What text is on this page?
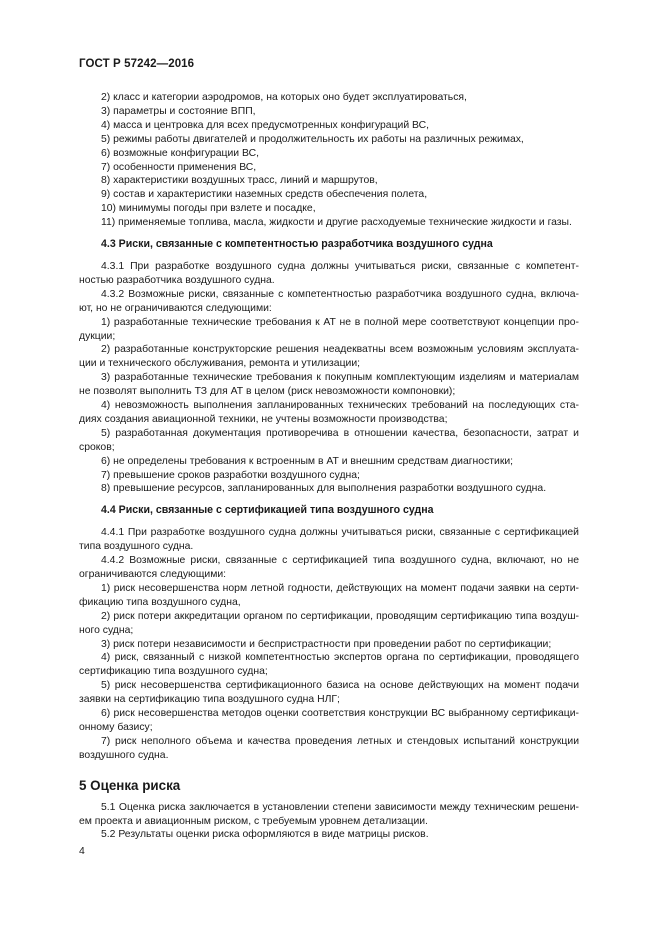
ГОСТ Р 57242—2016

2) класс и категории аэродромов, на которых оно будет эксплуатироваться,

3) параметры и состояние ВПП,

4) масса и центровка для всех предусмотренных конфигураций ВС,

5) режимы работы двигателей и продолжительность их работы на различных режимах,

6) возможные конфигурации ВС,

7) особенности применения ВС,

8) характеристики воздушных трасс, линий и маршрутов,

9) состав и характеристики наземных средств обеспечения полета,

10) минимумы погоды при взлете и посадке,

11) применяемые топлива, масла, жидкости и другие расходуемые технические жидкости и газы.

4.3 Риски, связанные с компетентностью разработчика воздушного судна

4.3.1 При разработке воздушного судна должны учитываться риски, связанные с компетент-

ностью разработчика воздушного судна.

4.3.2 Возможные риски, связанные с компетентностью разработчика воздушного судна, включа-

ют, но не ограничиваются следующими:

1) разработанные технические требования к АТ не в полной мере соответствуют концепции про-

дукции;

2) разработанные конструкторские решения неадекватны всем возможным условиям эксплуата-

ции и технического обслуживания, ремонта и утилизации;

3) разработанные технические требования к покупным комплектующим изделиям и материалам

не позволят выполнить ТЗ для АТ в целом (риск невозможности компоновки);

4) невозможность выполнения запланированных технических требований на последующих ста-

диях создания авиационной техники, не учтены возможности производства;

5) разработанная документация противоречива в отношении качества, безопасности, затрат и

сроков;

6) не определены требования к встроенным в АТ и внешним средствам диагностики;

7) превышение сроков разработки воздушного судна;

8) превышение ресурсов, запланированных для выполнения разработки воздушного судна.

4.4 Риски, связанные с сертификацией типа воздушного судна

4.4.1 При разработке воздушного судна должны учитываться риски, связанные с сертификацией

типа воздушного судна.

4.4.2 Возможные риски, связанные с сертификацией типа воздушного судна, включают, но не

ограничиваются следующими:

1) риск несовершенства норм летной годности, действующих на момент подачи заявки на серти-

фикацию типа воздушного судна,

2) риск потери аккредитации органом по сертификации, проводящим сертификацию типа воздуш-

ного судна;

3) риск потери независимости и беспристрастности при проведении работ по сертификации;

4) риск, связанный с низкой компетентностью экспертов органа по сертификации, проводящего

сертификацию типа воздушного судна;

5) риск несовершенства сертификационного базиса на основе действующих на момент подачи

заявки на сертификацию типа воздушного судна НЛГ;

6) риск несовершенства методов оценки соответствия конструкции ВС выбранному сертификаци-

онному базису;

7) риск неполного объема и качества проведения летных и стендовых испытаний конструкции

воздушного судна.

5 Оценка риска

5.1 Оценка риска заключается в установлении степени зависимости между техническим решени-

ем проекта и авиационным риском, с требуемым уровнем детализации.

5.2 Результаты оценки риска оформляются в виде матрицы рисков.

4
